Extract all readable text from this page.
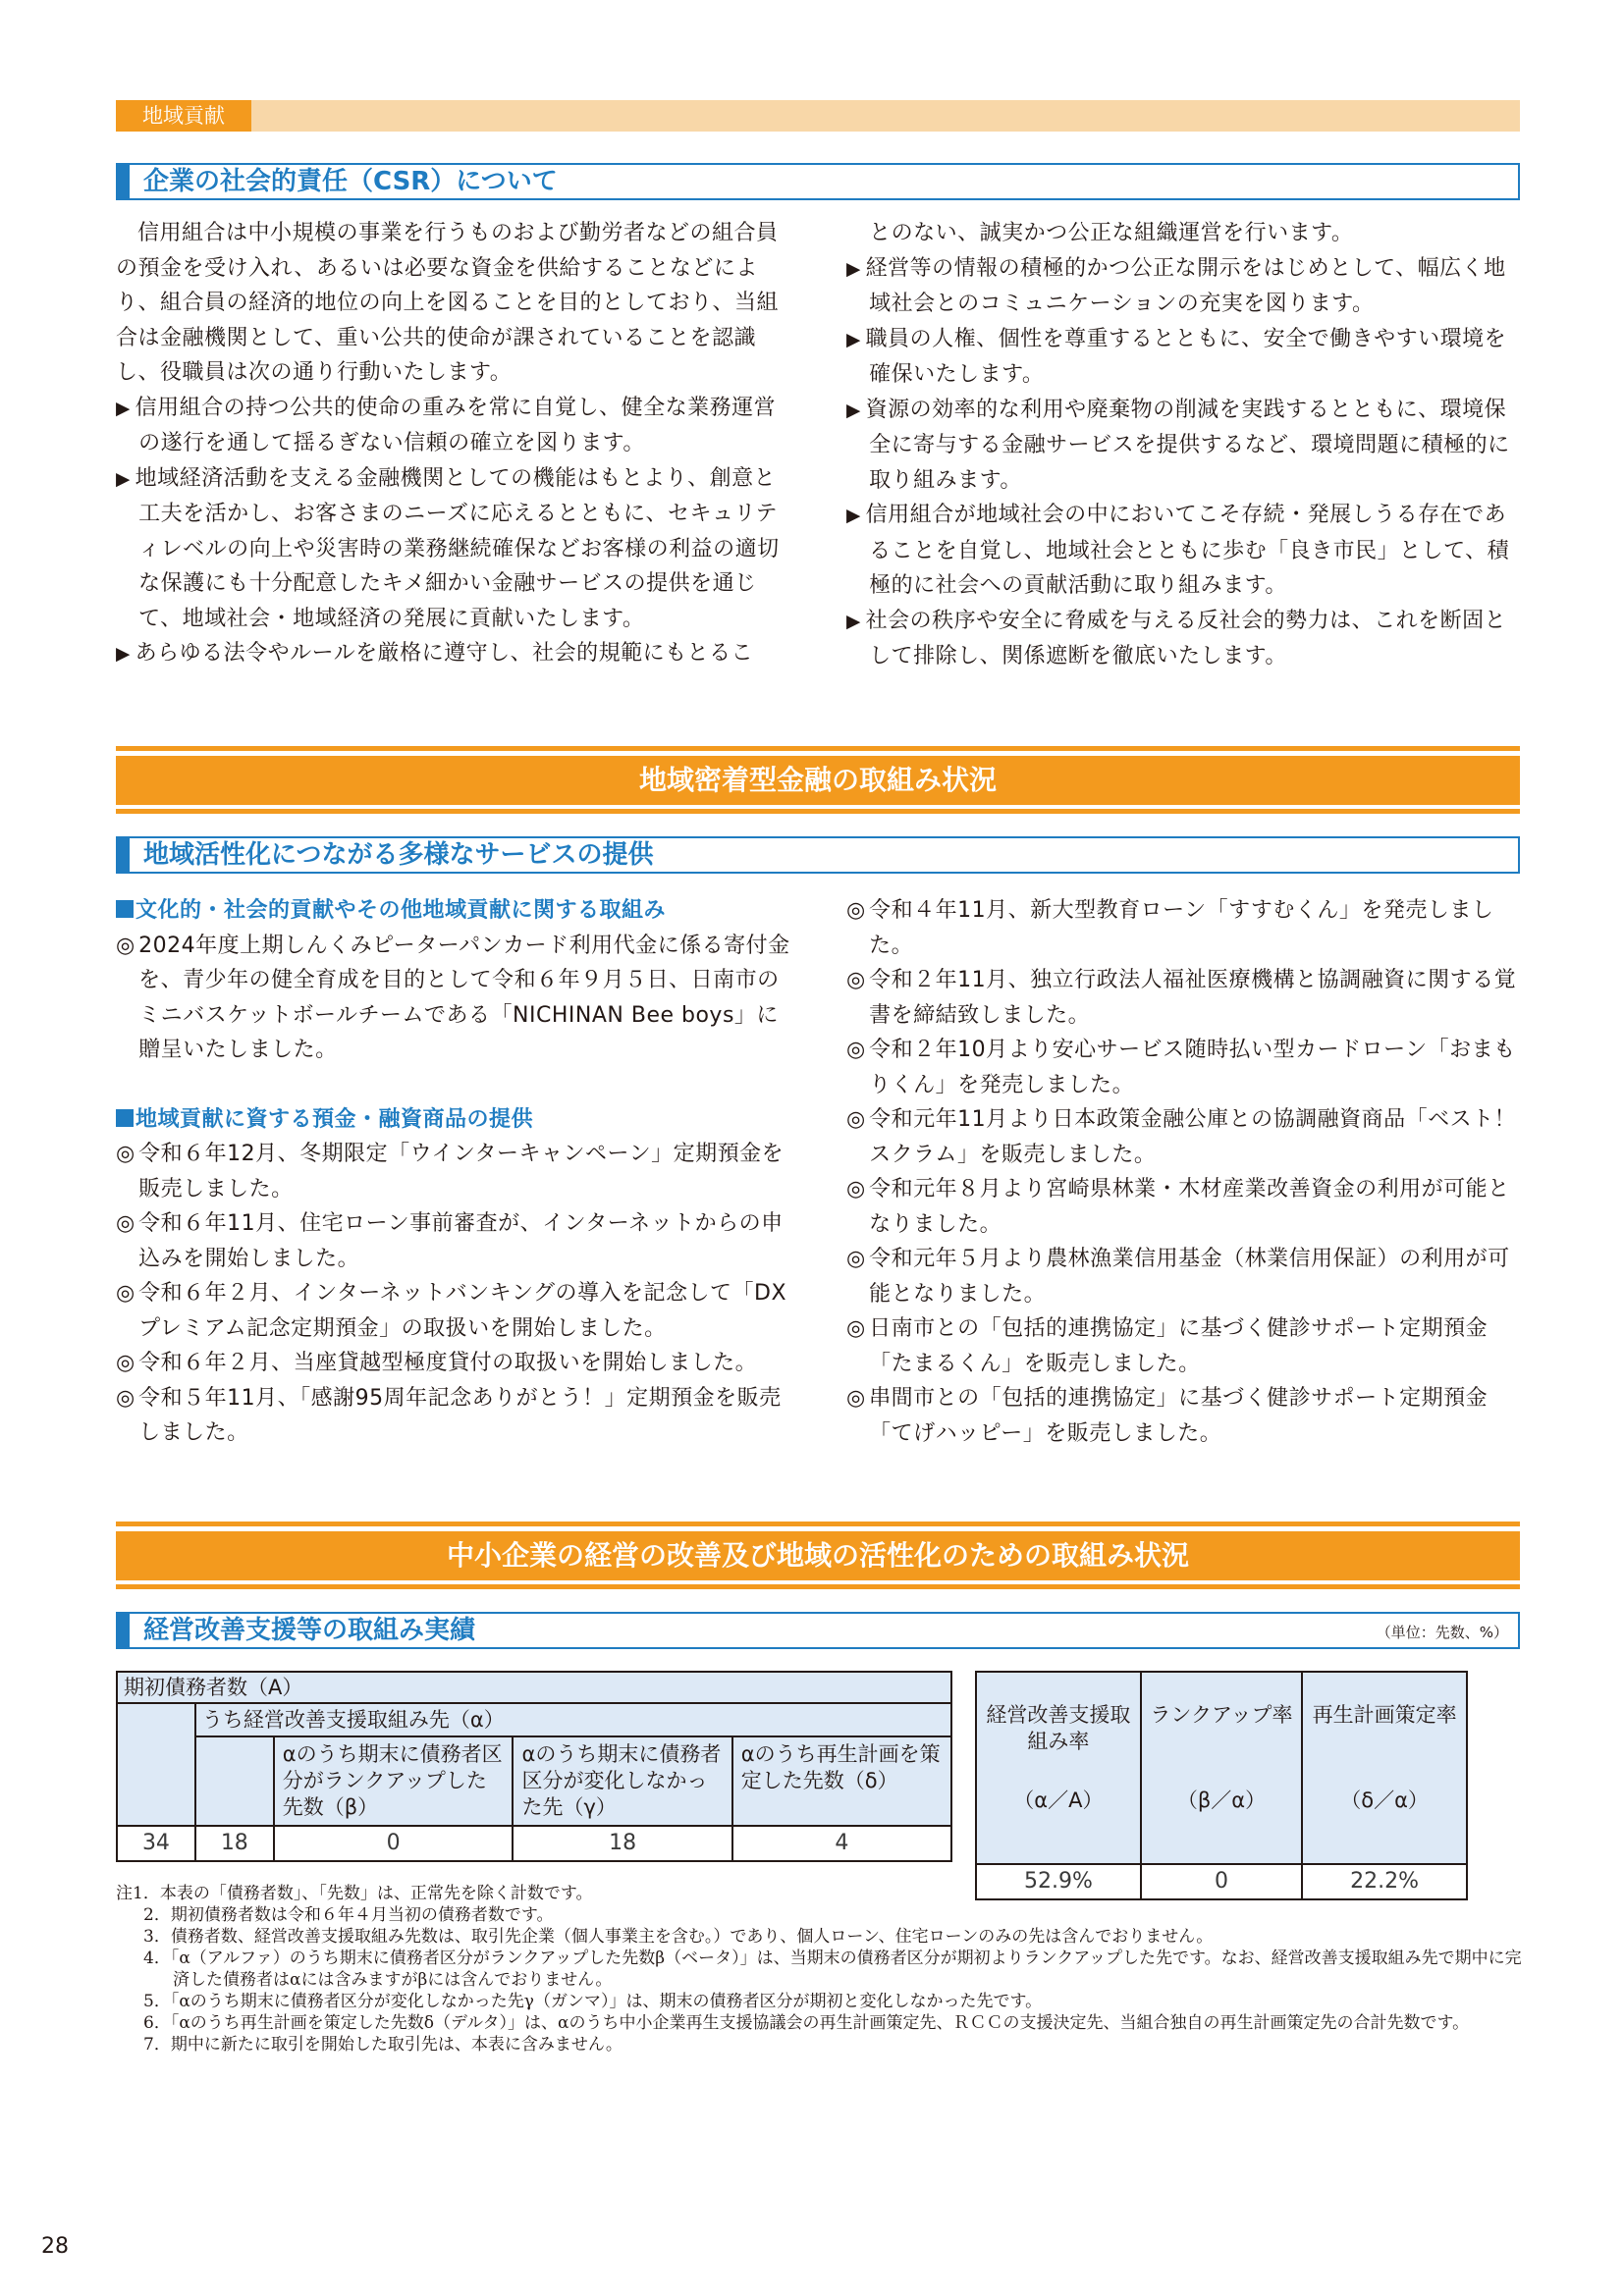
地域貢献
企業の社会的責任（CSR）について

信用組合は中小規模の事業を行うものおよび勤労者などの組合員の預金を受け入れ、あるいは必要な資金を供給することなどにより、組合員の経済的地位の向上を図ることを目的としており、当組合は金融機関として、重い公共的使命が課されていることを認識し、役職員は次の通り行動いたします。

▶ 信用組合の持つ公共的使命の重みを常に自覚し、健全な業務運営の遂行を通して揺るぎない信頼の確立を図ります。

▶ 地域経済活動を支える金融機関としての機能はもとより、創意と工夫を活かし、お客さまのニーズに応えるとともに、セキュリティレベルの向上や災害時の業務継続確保などお客様の利益の適切な保護にも十分配意したキメ細かい金融サービスの提供を通じて、地域社会・地域経済の発展に貢献いたします。

▶ あらゆる法令やルールを厳格に遵守し、社会的規範にもとるこ

とのない、誠実かつ公正な組織運営を行います。

▶ 経営等の情報の積極的かつ公正な開示をはじめとして、幅広く地域社会とのコミュニケーションの充実を図ります。

▶ 職員の人権、個性を尊重するとともに、安全で働きやすい環境を確保いたします。

▶ 資源の効率的な利用や廃棄物の削減を実践するとともに、環境保全に寄与する金融サービスを提供するなど、環境問題に積極的に取り組みます。

▶ 信用組合が地域社会の中においてこそ存続・発展しうる存在であることを自覚し、地域社会とともに歩む「良き市民」として、積極的に社会への貢献活動に取り組みます。

▶ 社会の秩序や安全に脅威を与える反社会的勢力は、これを断固として排除し、関係遮断を徹底いたします。

地域密着型金融の取組み状況
地域活性化につながる多様なサービスの提供

文化的・社会的貢献やその他地域貢献に関する取組み

◎ 2024年度上期しんくみピーターパンカード利用代金に係る寄付金を、青少年の健全育成を目的として令和６年９月５日、日南市のミニバスケットボールチームである「NICHINAN Bee boys」に贈呈いたしました。

地域貢献に資する預金・融資商品の提供

◎ 令和６年12月、冬期限定「ウインターキャンペーン」定期預金を販売しました。

◎ 令和６年11月、住宅ローン事前審査が、インターネットからの申込みを開始しました。

◎ 令和６年２月、インターネットバンキングの導入を記念して「DXプレミアム記念定期預金」の取扱いを開始しました。

◎ 令和６年２月、当座貸越型極度貸付の取扱いを開始しました。

◎ 令和５年11月、「感謝95周年記念ありがとう！」定期預金を販売しました。

◎ 令和４年11月、新大型教育ローン「すすむくん」を発売しました。

◎ 令和２年11月、独立行政法人福祉医療機構と協調融資に関する覚書を締結致しました。

◎ 令和２年10月より安心サービス随時払い型カードローン「おまもりくん」を発売しました。

◎ 令和元年11月より日本政策金融公庫との協調融資商品「ベスト！スクラム」を販売しました。

◎ 令和元年８月より宮崎県林業・木材産業改善資金の利用が可能となりました。

◎ 令和元年５月より農林漁業信用基金（林業信用保証）の利用が可能となりました。

◎ 日南市との「包括的連携協定」に基づく健診サポート定期預金「たまるくん」を販売しました。

◎ 串間市との「包括的連携協定」に基づく健診サポート定期預金「てげハッピー」を販売しました。

中小企業の経営の改善及び地域の活性化のための取組み状況
経営改善支援等の取組み実績	（単位：先数、%）
期初債務者数（A）				
	うち経営改善支援取組み先（α）			
		αのうち期末に債務者区分がランクアップした先数（β）	αのうち期末に債務者区分が変化しなかった先（γ）	αのうち再生計画を策定した先数（δ）
34	18	0	18	4
経営改善支援取組み率
（α／A）

ランクアップ率
（β／α）

再生計画策定率
（δ／α）

52.9%	0	22.2%

注1．本表の「債務者数」、「先数」は、正常先を除く計数です。

2．期初債務者数は令和６年４月当初の債務者数です。

3．債務者数、経営改善支援取組み先数は、取引先企業（個人事業主を含む。）であり、個人ローン、住宅ローンのみの先は含んでおりません。

4．「α（アルファ）のうち期末に債務者区分がランクアップした先数β（ベータ）」は、当期末の債務者区分が期初よりランクアップした先です。なお、経営改善支援取組み先で期中に完済した債務者はαには含みますがβには含んでおりません。

5．「αのうち期末に債務者区分が変化しなかった先γ（ガンマ）」は、期末の債務者区分が期初と変化しなかった先です。

6．「αのうち再生計画を策定した先数δ（デルタ）」は、αのうち中小企業再生支援協議会の再生計画策定先、ＲＣＣの支援決定先、当組合独自の再生計画策定先の合計先数です。

7．期中に新たに取引を開始した取引先は、本表に含みません。

28
